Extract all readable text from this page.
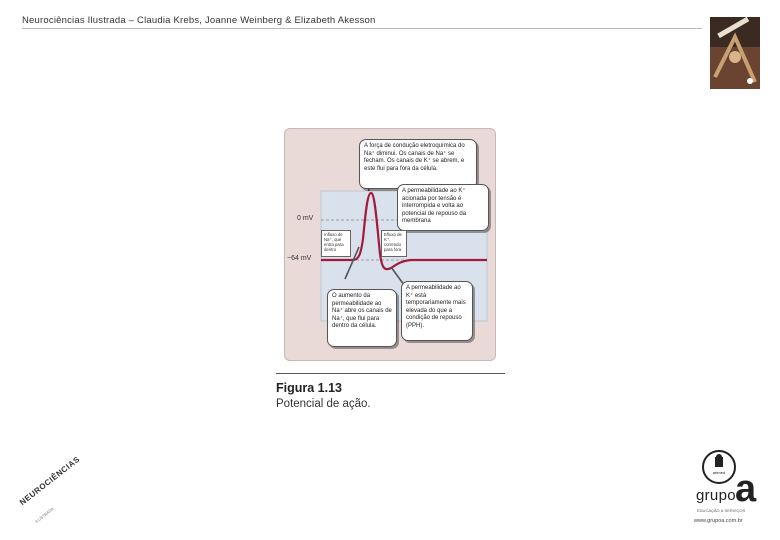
Neurociências Ilustrada – Claudia Krebs, Joanne Weinberg & Elizabeth Akesson
0 mV
−64 mV
A força de condução eletroquímica do Na⁺ diminui. Os canais de Na⁺ se fecham. Os canais de K⁺ se abrem, e este flui para fora da célula.
A permeabilidade ao K⁺ acionada por tensão é interrompida e volta ao potencial de repouso da membrana
O aumento da permeabilidade ao Na⁺ abre os canais de Na⁺, que flui para dentro da célula.
A permeabilidade ao K⁺ está temporariamente mais elevada do que a condição de repouso (PPH).
Influxo de Na⁺, que entra para dentro
Efluxo de K⁺, correndo para fora
Figura 1.13
Potencial de ação.
NEUROCIÊNCIAS
ILUSTRADA
artmed
grupo a
EDUCAÇÃO & SERVIÇOS
www.grupoa.com.br
